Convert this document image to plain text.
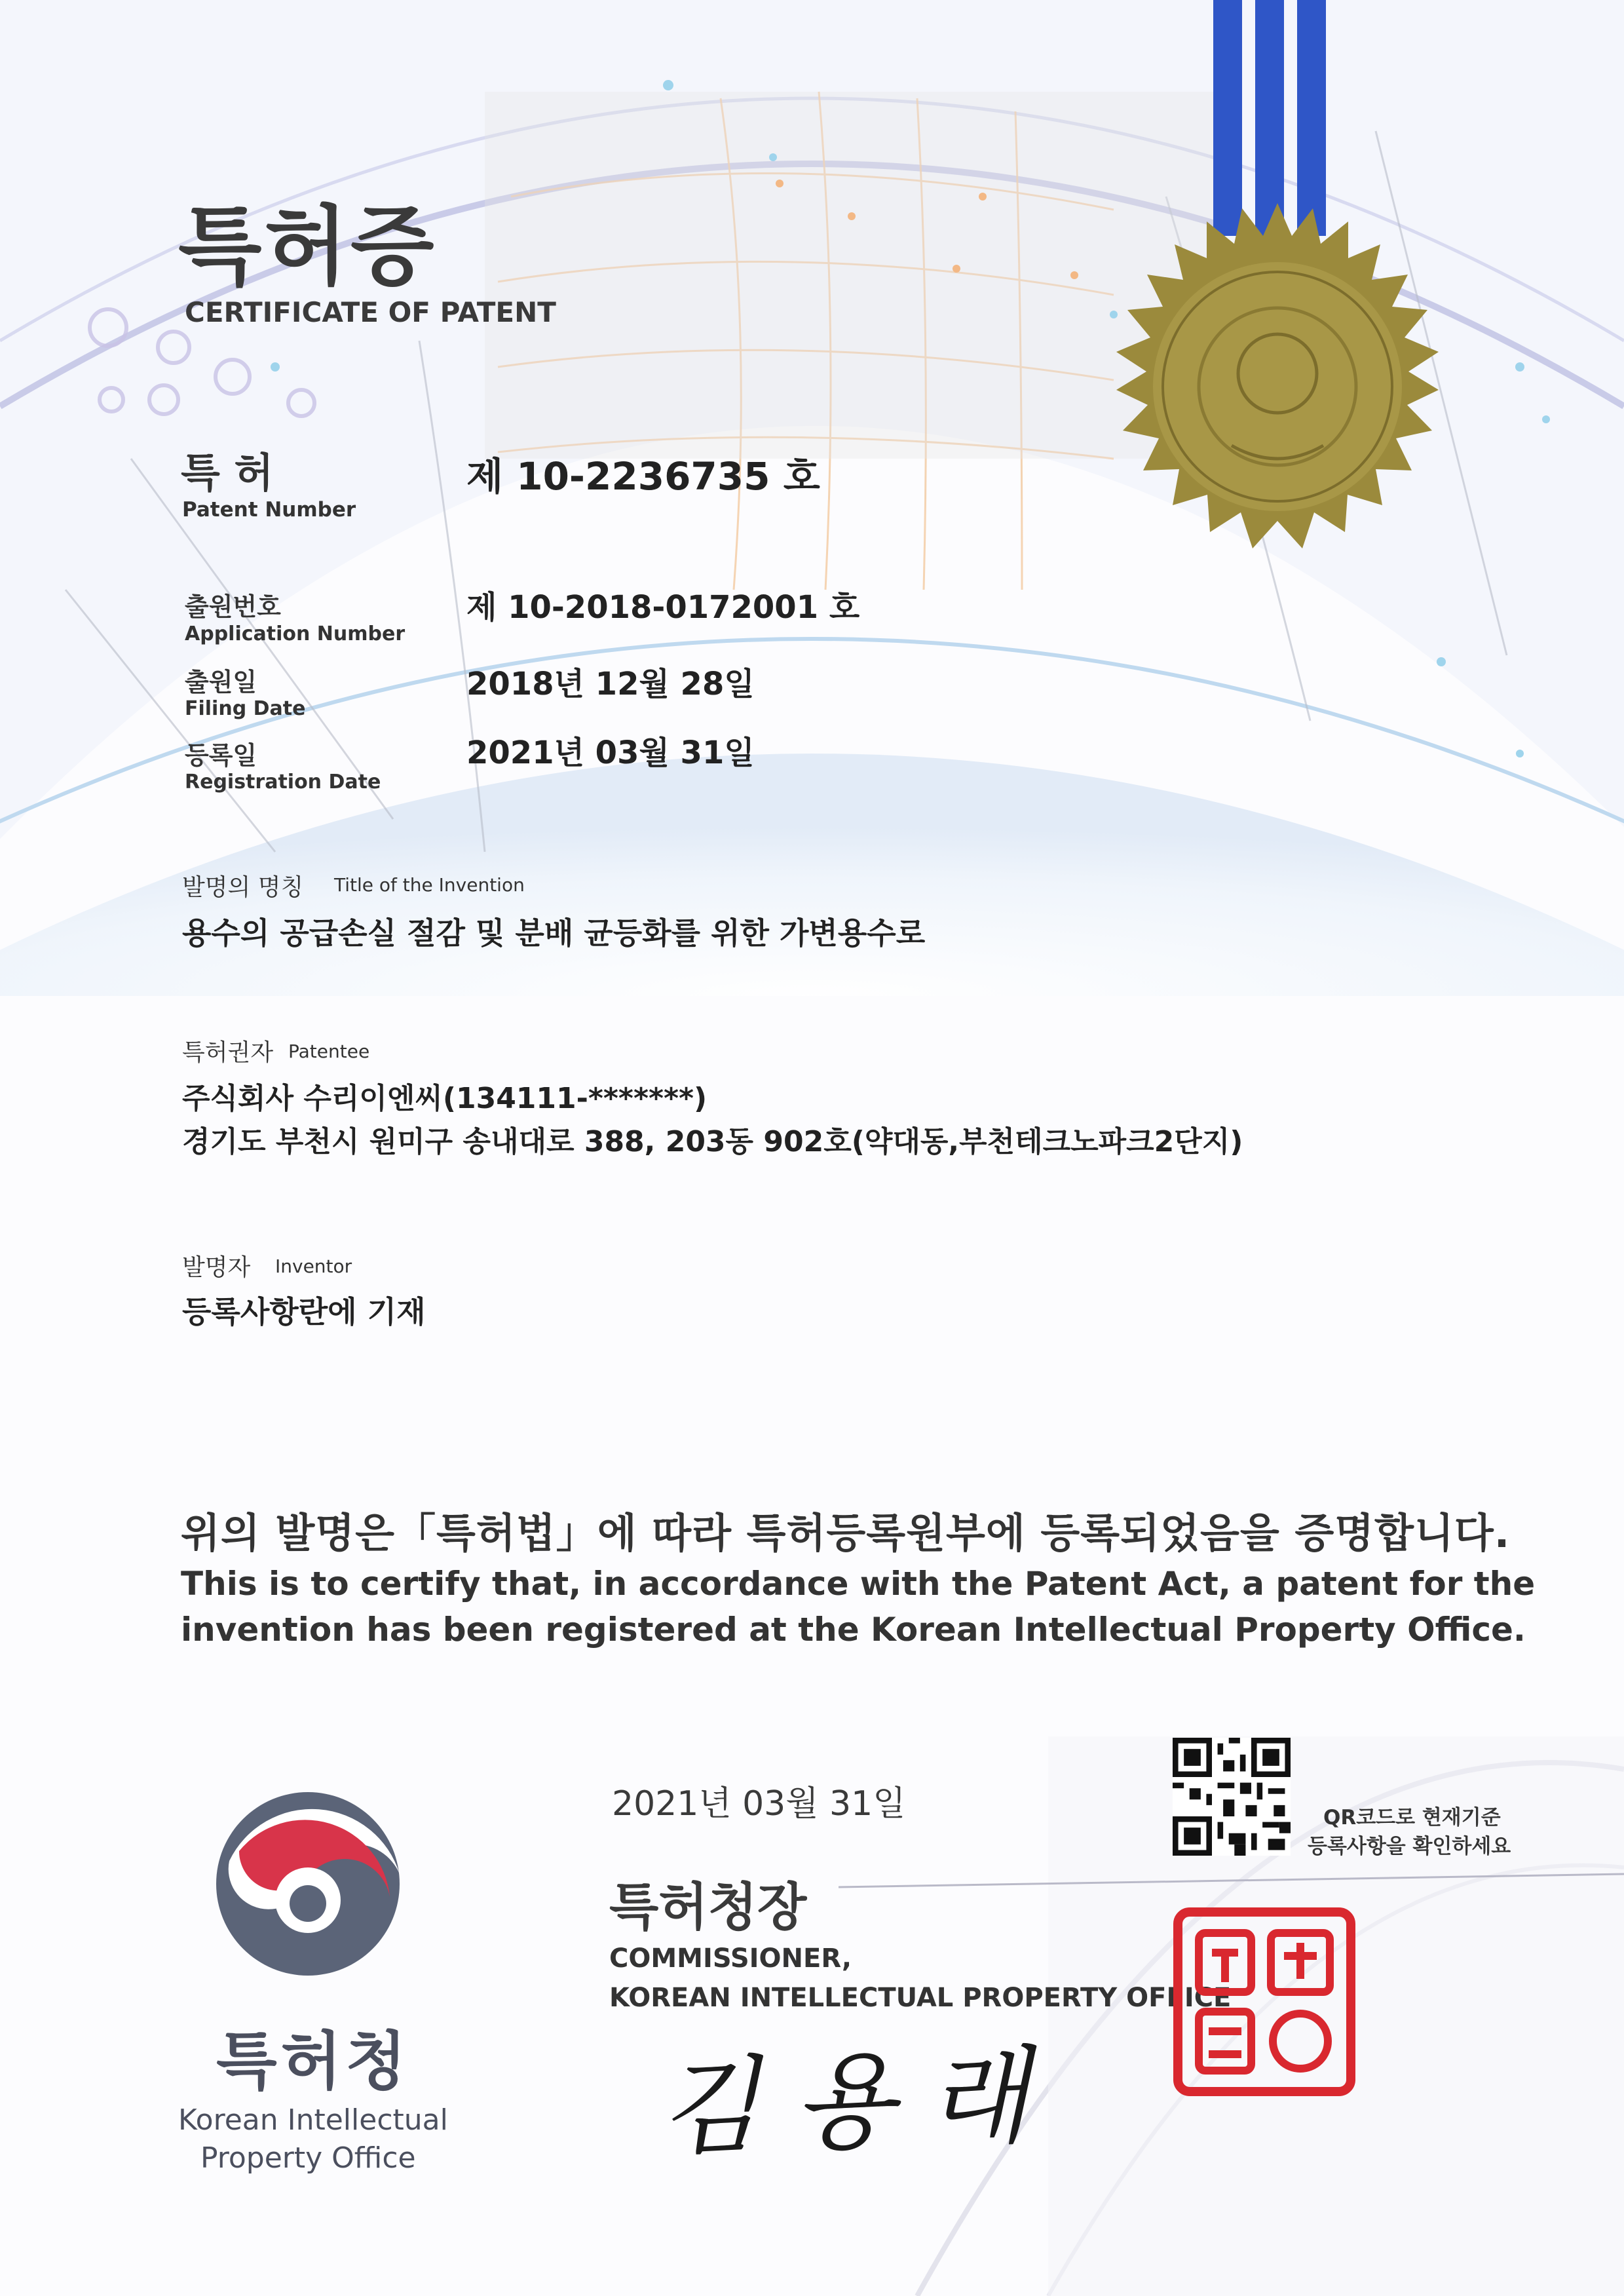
특허증
CERTIFICATE OF PATENT
특 허
Patent Number
제 10-2236735 호
출원번호
Application Number
제 10-2018-0172001 호
출원일
Filing Date
2018년 12월 28일
등록일
Registration Date
2021년 03월 31일
발명의 명칭 Title of the Invention
용수의 공급손실 절감 및 분배 균등화를 위한 가변용수로
특허권자 Patentee
주식회사 수리이엔씨(134111-*******)
경기도 부천시 원미구 송내대로 388, 203동 902호(약대동,부천테크노파크2단지)
발명자 Inventor
등록사항란에 기재
위의 발명은「특허법」에 따라 특허등록원부에 등록되었음을 증명합니다.
This is to certify that, in accordance with the Patent Act, a patent for the
invention has been registered at the Korean Intellectual Property Office.
2021년 03월 31일	QR코드로 현재기준
등록사항을 확인하세요
특허청장
COMMISSIONER,
KOREAN INTELLECTUAL PROPERTY OFFICE
김 용 래
특허청
Korean Intellectual
Property Office
